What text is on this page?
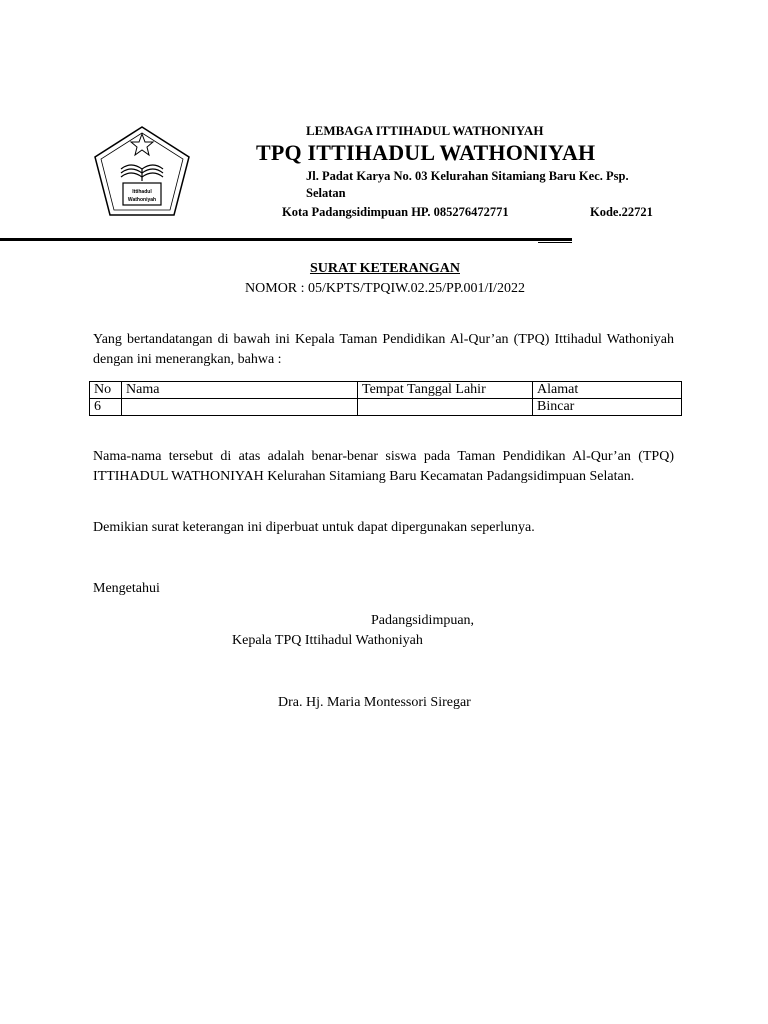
Ittihadul
Wathoniyah
LEMBAGA ITTIHADUL WATHONIYAH
TPQ ITTIHADUL WATHONIYAH
Jl. Padat Karya No. 03 Kelurahan Sitamiang Baru Kec. Psp.
Selatan
Kota Padangsidimpuan HP. 085276472771	Kode.22721
SURAT KETERANGAN
NOMOR : 05/KPTS/TPQIW.02.25/PP.001/I/2022
Yang bertandatangan di bawah ini Kepala Taman Pendidikan Al-Qur’an (TPQ) Ittihadul Wathoniyah dengan ini menerangkan, bahwa :
No	Nama	Tempat Tanggal Lahir	Alamat
6			Bincar
Nama-nama tersebut di atas adalah benar-benar siswa pada Taman Pendidikan Al-Qur’an (TPQ) ITTIHADUL WATHONIYAH Kelurahan Sitamiang Baru Kecamatan Padangsidimpuan Selatan.
Demikian surat keterangan ini diperbuat untuk dapat dipergunakan seperlunya.
Mengetahui
Padangsidimpuan,
Kepala TPQ Ittihadul Wathoniyah
Dra. Hj. Maria Montessori Siregar
